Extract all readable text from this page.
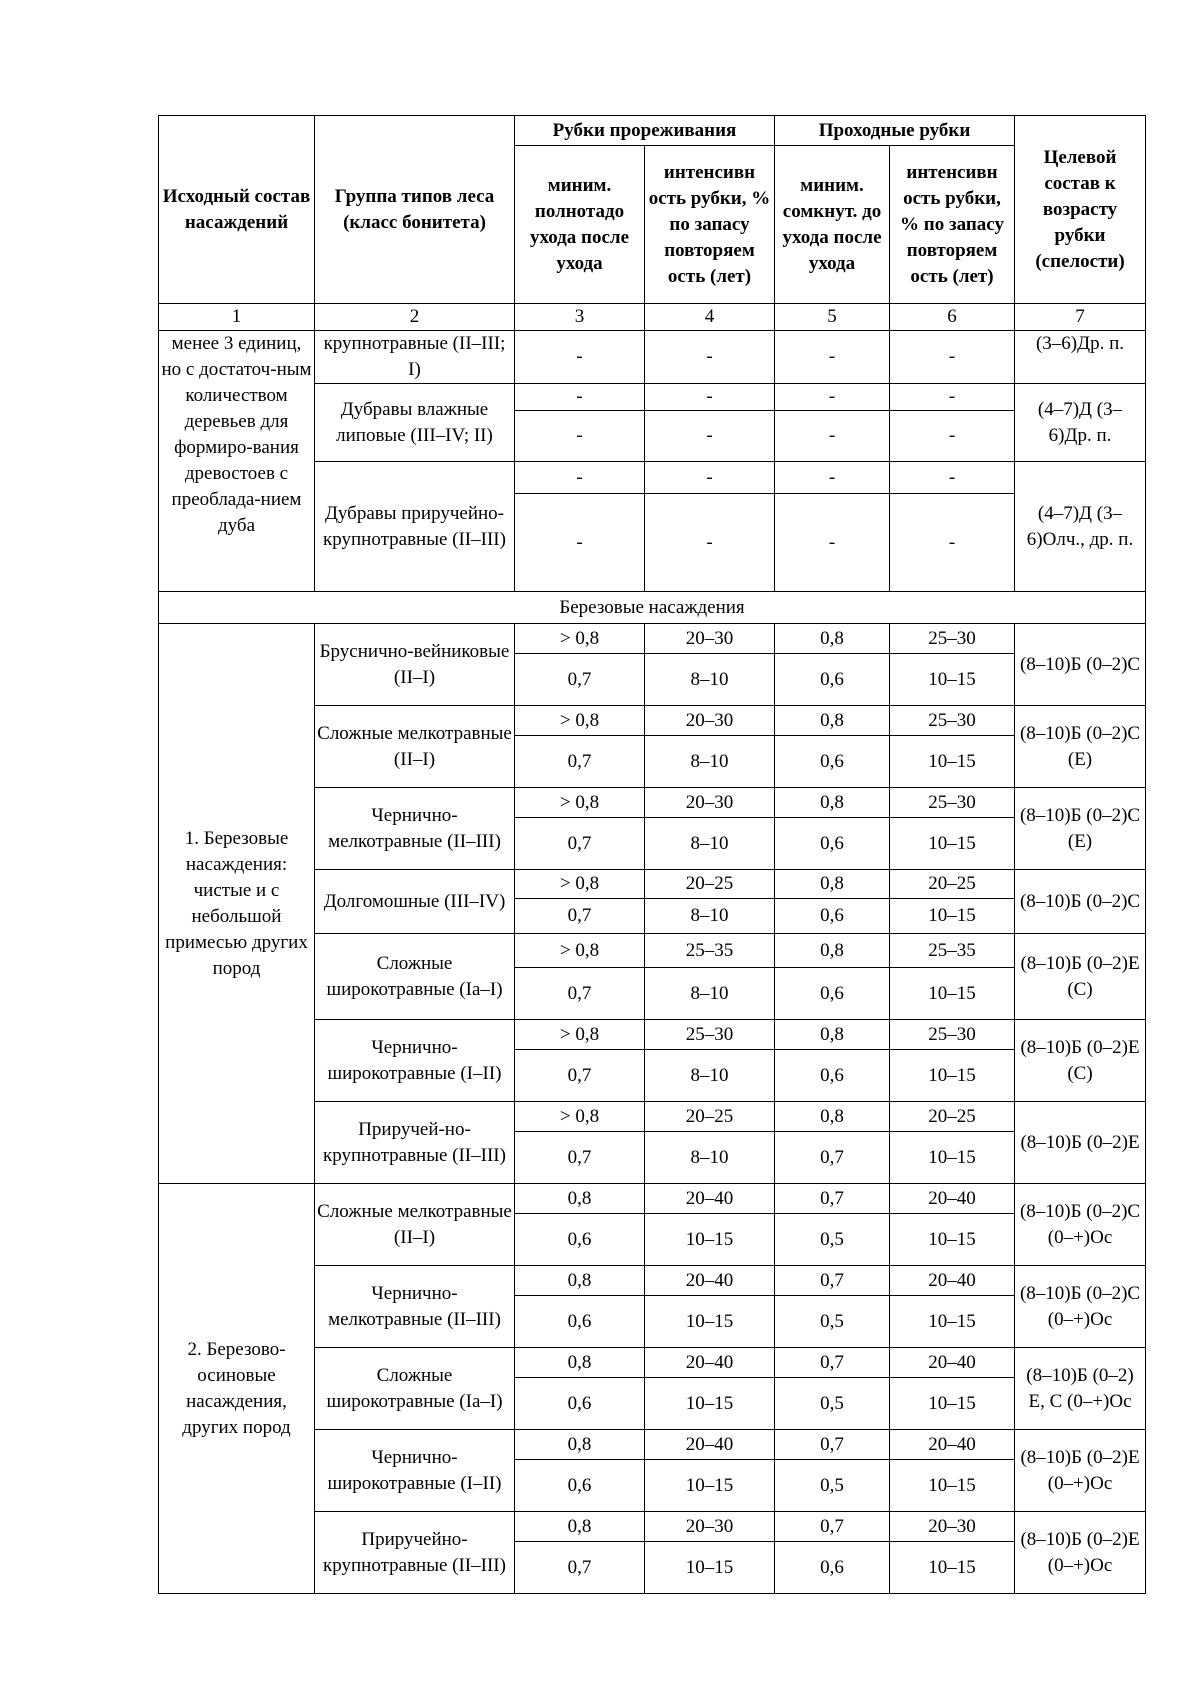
Исходный состав насаждений	Группа типов леса (класс бонитета)	Рубки прореживания		Проходные рубки		Целевой состав к возрасту рубки (спелости)
		миним. полнотадо ухода после ухода	интенсивн ость рубки, % по запасу повторяем ость (лет)	миним. сомкнут. до ухода после ухода	интенсивн ость рубки, % по запасу повторяем ость (лет)	
1	2	3	4	5	6	7
менее 3 единиц, но с достаточ-ным количеством деревьев для формиро-вания древостоев с преоблада-нием дуба	крупнотравные (II–III; I)	-	-	-	-	(3–6)Др. п.
	Дубравы влажные липовые (III–IV; II)	-	-	-	-	(4–7)Д (3–6)Др. п.
		-	-	-	-	
	Дубравы приручейно-крупнотравные (II–III)	-	-	-	-	(4–7)Д (3–6)Олч., др. п.
		-	-	-	-	
Березовые насаждения						
1. Березовые насаждения: чистые и с небольшой примесью других пород	Бруснично-вейниковые (II–I)	> 0,8	20–30	0,8	25–30	(8–10)Б (0–2)С
		0,7	8–10	0,6	10–15	
	Сложные мелкотравные (II–I)	> 0,8	20–30	0,8	25–30	(8–10)Б (0–2)С (Е)
		0,7	8–10	0,6	10–15	
	Чернично-мелкотравные (II–III)	> 0,8	20–30	0,8	25–30	(8–10)Б (0–2)С (Е)
		0,7	8–10	0,6	10–15	
	Долгомошные (III–IV)	> 0,8	20–25	0,8	20–25	(8–10)Б (0–2)С
		0,7	8–10	0,6	10–15	
	Сложные широкотравные (Ia–I)	> 0,8	25–35	0,8	25–35	(8–10)Б (0–2)Е (С)
		0,7	8–10	0,6	10–15	
	Чернично-широкотравные (I–II)	> 0,8	25–30	0,8	25–30	(8–10)Б (0–2)Е (С)
		0,7	8–10	0,6	10–15	
	Приручей-но-крупнотравные (II–III)	> 0,8	20–25	0,8	20–25	(8–10)Б (0–2)Е
		0,7	8–10	0,7	10–15	
2. Березово-осиновые насаждения, других пород	Сложные мелкотравные (II–I)	0,8	20–40	0,7	20–40	(8–10)Б (0–2)С (0–+)Ос
		0,6	10–15	0,5	10–15	
	Чернично-мелкотравные (II–III)	0,8	20–40	0,7	20–40	(8–10)Б (0–2)С (0–+)Ос
		0,6	10–15	0,5	10–15	
	Сложные широкотравные (Ia–I)	0,8	20–40	0,7	20–40	(8–10)Б (0–2) Е, С (0–+)Ос
		0,6	10–15	0,5	10–15	
	Чернично-широкотравные (I–II)	0,8	20–40	0,7	20–40	(8–10)Б (0–2)Е (0–+)Ос
		0,6	10–15	0,5	10–15	
	Приручейно-крупнотравные (II–III)	0,8	20–30	0,7	20–30	(8–10)Б (0–2)Е (0–+)Ос
		0,7	10–15	0,6	10–15	
